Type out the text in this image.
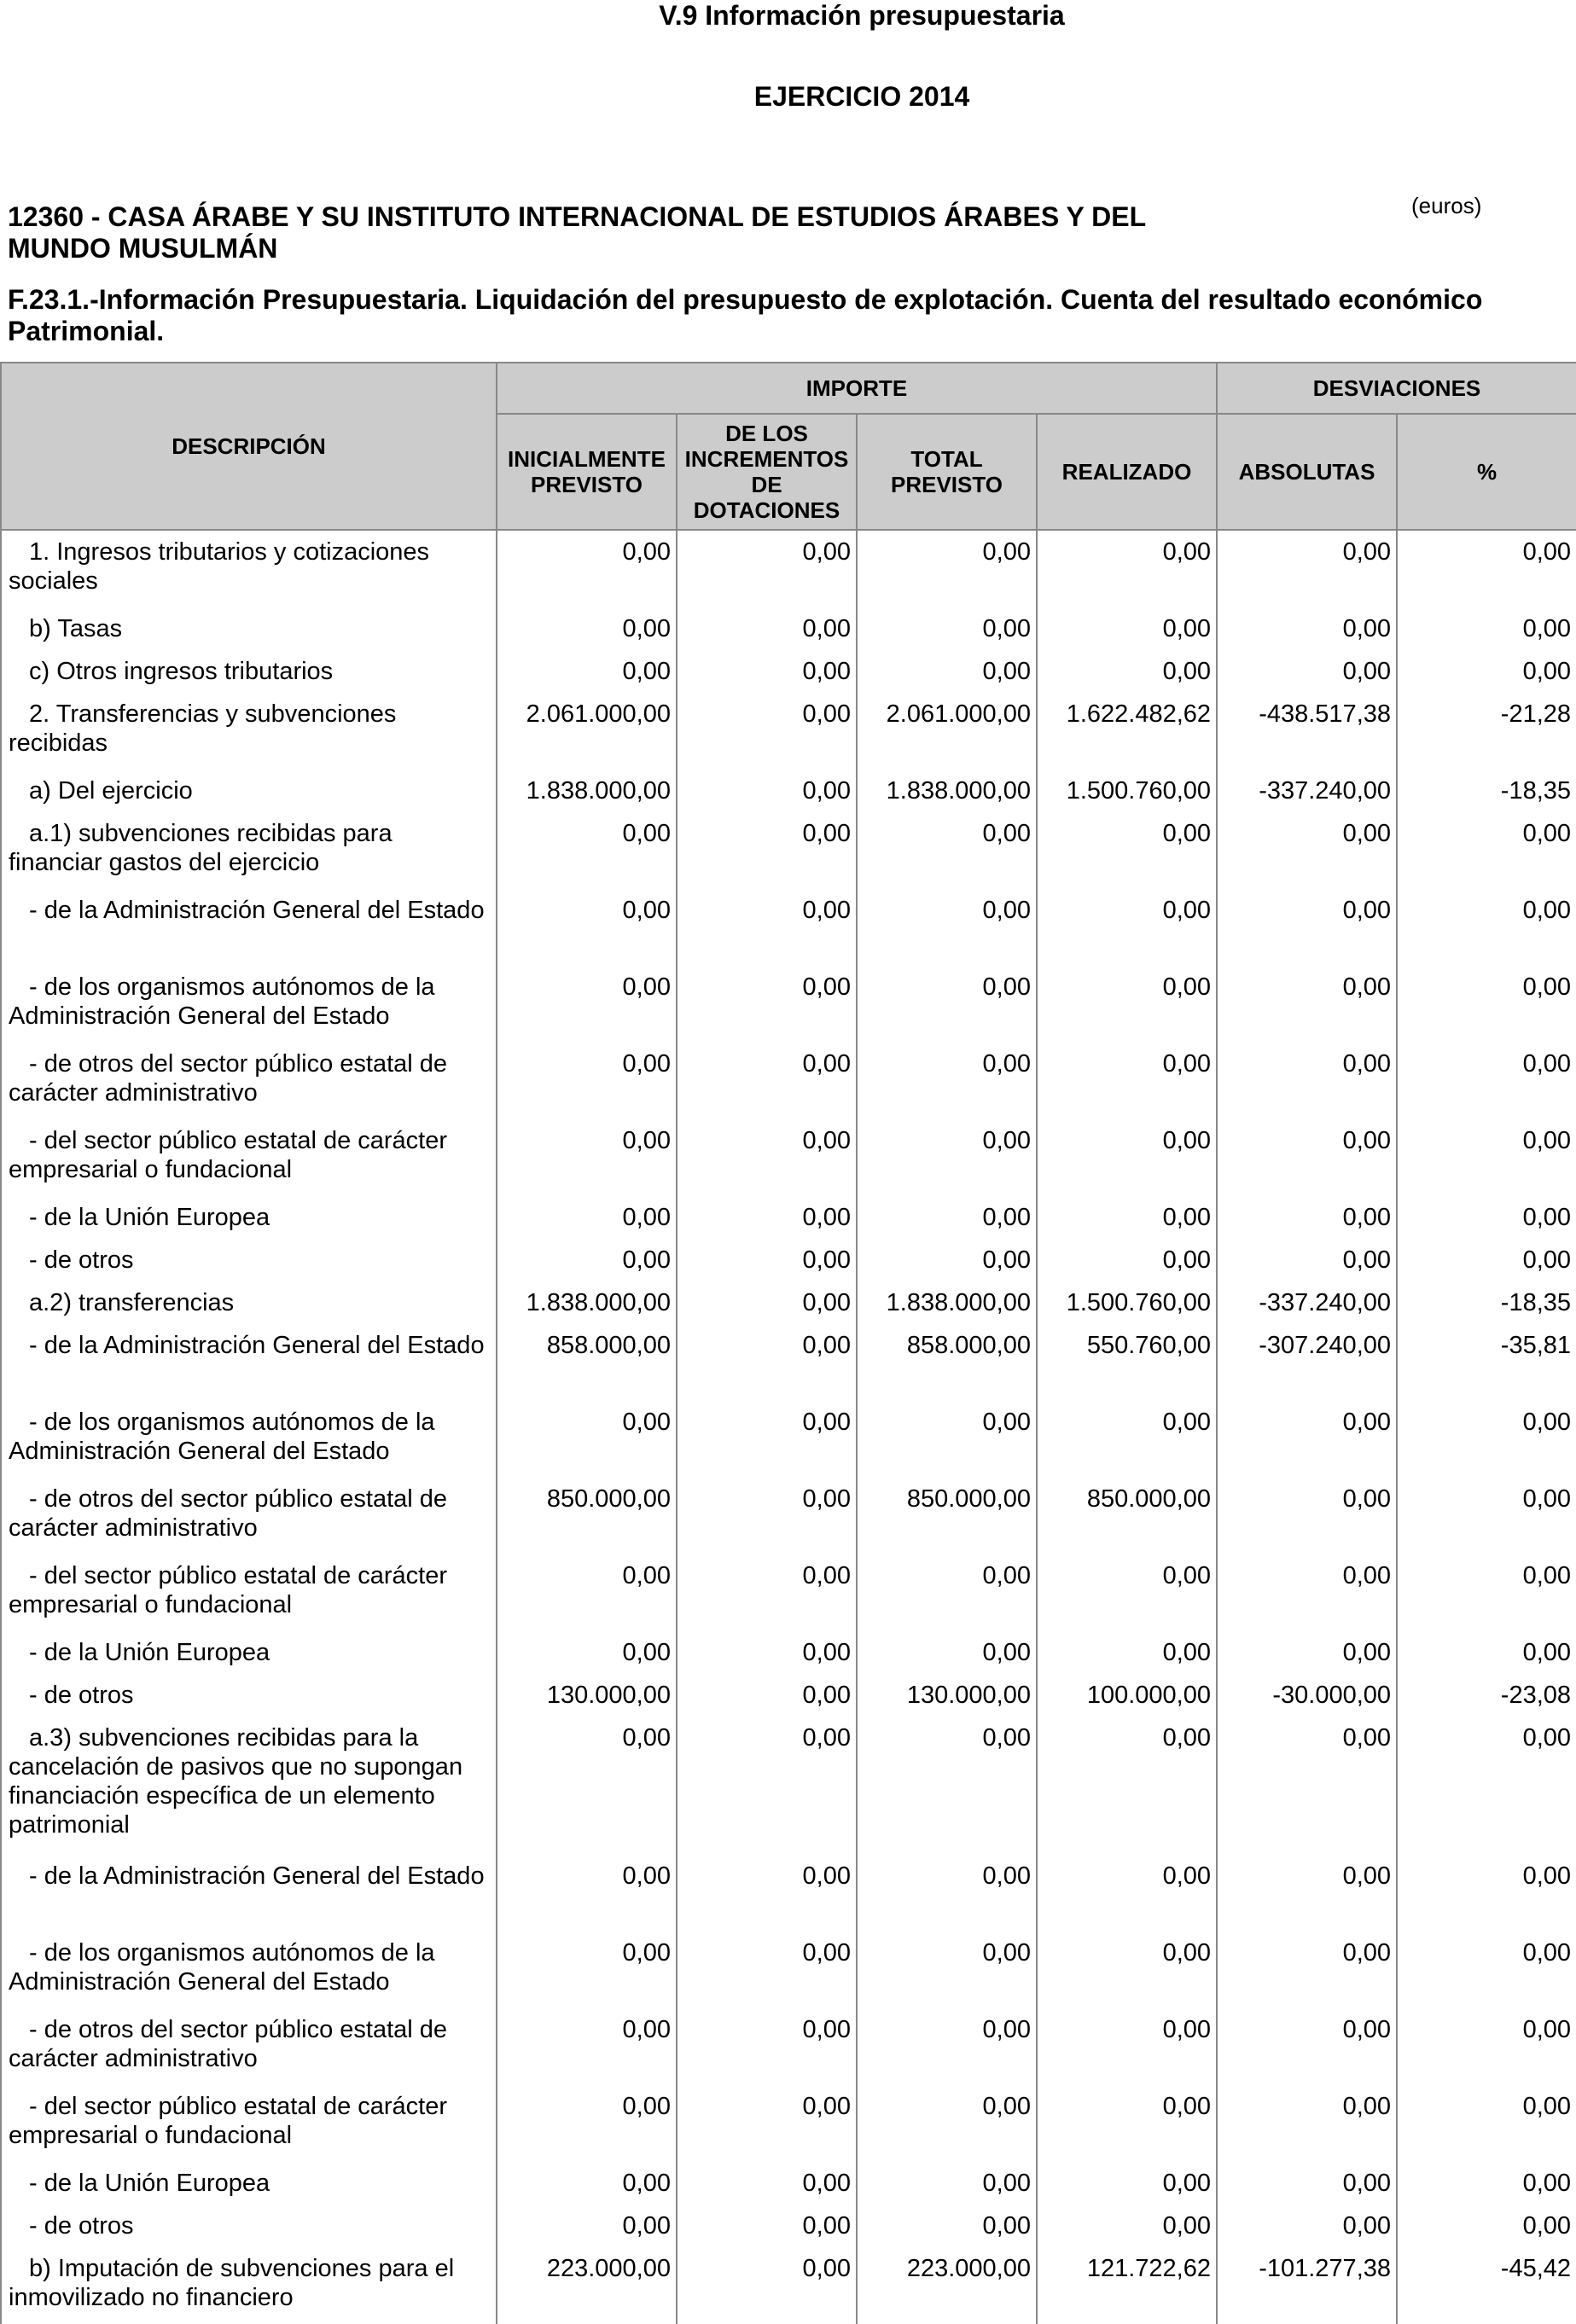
V.9 Información presupuestaria
EJERCICIO 2014
12360 - CASA ÁRABE Y SU INSTITUTO INTERNACIONAL DE ESTUDIOS ÁRABES Y DEL MUNDO MUSULMÁN
(euros)
F.23.1.-Información Presupuestaria. Liquidación del presupuesto de explotación. Cuenta del resultado económico Patrimonial.
DESCRIPCIÓN	IMPORTE				DESVIACIONES	
	INICIALMENTE PREVISTO	DE LOS INCREMENTOS DE DOTACIONES	TOTAL PREVISTO	REALIZADO	ABSOLUTAS	%
1. Ingresos tributarios y cotizaciones sociales	0,00	0,00	0,00	0,00	0,00	0,00
b) Tasas	0,00	0,00	0,00	0,00	0,00	0,00
c) Otros ingresos tributarios	0,00	0,00	0,00	0,00	0,00	0,00
2. Transferencias y subvenciones recibidas	2.061.000,00	0,00	2.061.000,00	1.622.482,62	-438.517,38	-21,28
a) Del ejercicio	1.838.000,00	0,00	1.838.000,00	1.500.760,00	-337.240,00	-18,35
a.1) subvenciones recibidas para financiar gastos del ejercicio	0,00	0,00	0,00	0,00	0,00	0,00
- de la Administración General del Estado	0,00	0,00	0,00	0,00	0,00	0,00
- de los organismos autónomos de la Administración General del Estado	0,00	0,00	0,00	0,00	0,00	0,00
- de otros del sector público estatal de carácter administrativo	0,00	0,00	0,00	0,00	0,00	0,00
- del sector público estatal de carácter empresarial o fundacional	0,00	0,00	0,00	0,00	0,00	0,00
- de la Unión Europea	0,00	0,00	0,00	0,00	0,00	0,00
- de otros	0,00	0,00	0,00	0,00	0,00	0,00
a.2) transferencias	1.838.000,00	0,00	1.838.000,00	1.500.760,00	-337.240,00	-18,35
- de la Administración General del Estado	858.000,00	0,00	858.000,00	550.760,00	-307.240,00	-35,81
- de los organismos autónomos de la Administración General del Estado	0,00	0,00	0,00	0,00	0,00	0,00
- de otros del sector público estatal de carácter administrativo	850.000,00	0,00	850.000,00	850.000,00	0,00	0,00
- del sector público estatal de carácter empresarial o fundacional	0,00	0,00	0,00	0,00	0,00	0,00
- de la Unión Europea	0,00	0,00	0,00	0,00	0,00	0,00
- de otros	130.000,00	0,00	130.000,00	100.000,00	-30.000,00	-23,08
a.3) subvenciones recibidas para la cancelación de pasivos que no supongan financiación específica de un elemento patrimonial	0,00	0,00	0,00	0,00	0,00	0,00
- de la Administración General del Estado	0,00	0,00	0,00	0,00	0,00	0,00
- de los organismos autónomos de la Administración General del Estado	0,00	0,00	0,00	0,00	0,00	0,00
- de otros del sector público estatal de carácter administrativo	0,00	0,00	0,00	0,00	0,00	0,00
- del sector público estatal de carácter empresarial o fundacional	0,00	0,00	0,00	0,00	0,00	0,00
- de la Unión Europea	0,00	0,00	0,00	0,00	0,00	0,00
- de otros	0,00	0,00	0,00	0,00	0,00	0,00
b) Imputación de subvenciones para el inmovilizado no financiero	223.000,00	0,00	223.000,00	121.722,62	-101.277,38	-45,42
